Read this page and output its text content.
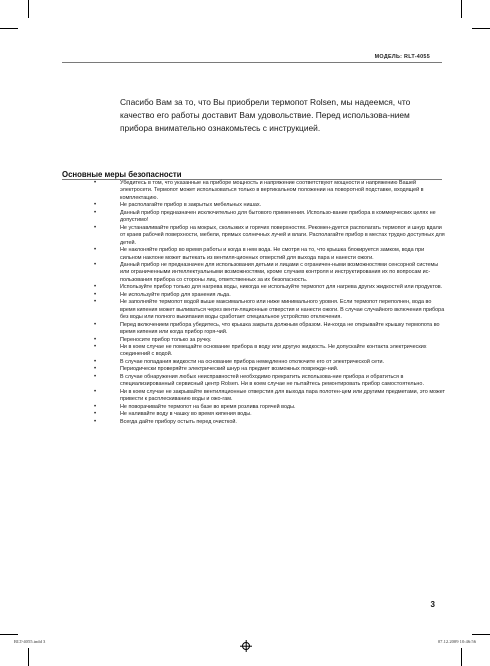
МОДЕЛЬ: RLT-4055

Спасибо Вам за то, что Вы приобрели термопот Rolsen, мы надеемся, что качество его работы доставит Вам удовольствие. Перед использова-нием прибора внимательно ознакомьтесь с инструкцией.

Основные меры безопасности
•	Убедитесь в том, что указанные на приборе мощность и напряжение соответствуют мощности и напряжению Вашей электросети. Термопот может использоваться только в вертикальном положении на поворотной подставке, входящей в комплектацию.
•	Не располагайте прибор в закрытых мебельных нишах.
•	Данный прибор предназначен исключительно для бытового применения. Использо-вание прибора в коммерческих целях не допустимо!
•	Не устанавливайте прибор на мокрых, скользких и горячих поверхностях. Рекомен-дуется располагать термопот и шнур вдали от краев рабочей поверхности, мебели, прямых солнечных лучей и влаги. Располагайте прибор в местах трудно доступных для детей.
•	Не наклоняйте прибор во время работы и когда в нем вода. Не смотря на то, что крышка блокируется замком, вода при сильном наклоне может вытекать из вентиля-ционных отверстий для выхода пара и нанести ожоги.
•	Данный прибор не предназначен для использования детьми и лицами с ограничен-ными возможностями сенсорной системы или ограниченными интеллектуальными возможностями, кроме случаев контроля и инструктирования их по вопросам ис-пользования прибора со стороны лиц, ответственных за их безопасность.
•	Используйте прибор только для нагрева воды, никогда не используйте термопот для нагрева других жидкостей или продуктов.
•	Не используйте прибор для хранения льда.
•	Не заполняйте термопот водой выше максимального или ниже минимального уровня. Если термопот переполнен, вода во время кипения может выливаться через венти-ляционные отверстия и нанести ожоги. В случае случайного включения прибора без воды или полного выкипания воды сработает специальное устройство отключения.
•	Перед включением прибора убедитесь, что крышка закрыта должным образом. Ни-когда не открывайте крышку термопота во время кипения или когда прибор горя-чий.
•	Переносите прибор только за ручку.
•	Ни в коем случае не помещайте основание прибора в воду или другую жидкость. Не допускайте контакта электрических соединений с водой.
•	В случае попадания жидкости на основание прибора немедленно отключите его от электрической сети.
•	Периодически проверяйте электрический шнур на предмет возможных поврежде-ний.
•	В случае обнаружения любых неисправностей необходимо прекратить использова-ние прибора и обратиться в специализированный сервисный центр Rolsen. Ни в коем случае не пытайтесь ремонтировать прибор самостоятельно.
•	Ни в коем случае не закрывайте вентиляционные отверстия для выхода пара полотен-цем или другими предметами, это может привести к расплескиванию воды и ожо-гам.
•	Не поворачивайте термопот на базе во время розлива горячей воды.
•	Не наливайте воду в чашку во время кипения воды.
•	Всегда дайте прибору остыть перед очисткой.
3
RLT-4055.indd 3	07.12.2009 10:46:56
